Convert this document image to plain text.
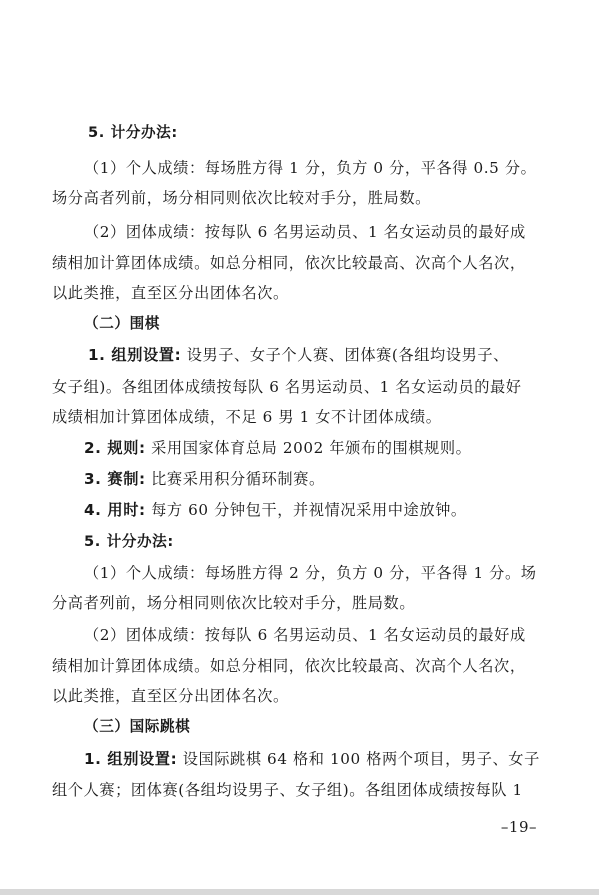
5. 计分办法:
（1）个人成绩：每场胜方得 1 分，负方 0 分，平各得 0.5 分。
场分高者列前，场分相同则依次比较对手分，胜局数。
（2）团体成绩：按每队 6 名男运动员、1 名女运动员的最好成
绩相加计算团体成绩。如总分相同，依次比较最高、次高个人名次，
以此类推，直至区分出团体名次。
（二）围棋
1. 组别设置: 设男子、女子个人赛、团体赛(各组均设男子、
女子组)。各组团体成绩按每队 6 名男运动员、1 名女运动员的最好
成绩相加计算团体成绩，不足 6 男 1 女不计团体成绩。
2. 规则: 采用国家体育总局 2002 年颁布的围棋规则。
3. 赛制: 比赛采用积分循环制赛。
4. 用时: 每方 60 分钟包干，并视情况采用中途放钟。
5. 计分办法:
（1）个人成绩：每场胜方得 2 分，负方 0 分，平各得 1 分。场
分高者列前，场分相同则依次比较对手分，胜局数。
（2）团体成绩：按每队 6 名男运动员、1 名女运动员的最好成
绩相加计算团体成绩。如总分相同，依次比较最高、次高个人名次，
以此类推，直至区分出团体名次。
（三）国际跳棋
1. 组别设置: 设国际跳棋 64 格和 100 格两个项目，男子、女子
组个人赛；团体赛(各组均设男子、女子组)。各组团体成绩按每队 1
–19–
